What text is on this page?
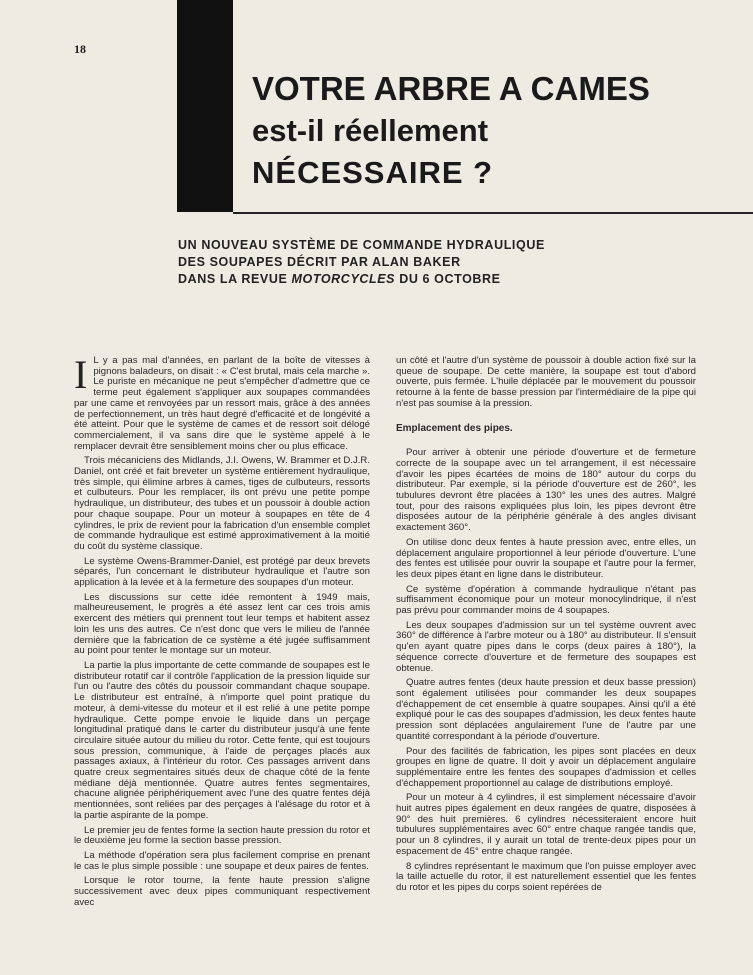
18
VOTRE ARBRE A CAMES
est-il réellement
NÉCESSAIRE ?
UN NOUVEAU SYSTÈME DE COMMANDE HYDRAULIQUE
DES SOUPAPES DÉCRIT PAR ALAN BAKER
DANS LA REVUE MOTORCYCLES DU 6 OCTOBRE

I L y a pas mal d'années, en parlant de la boîte de vitesses à pignons baladeurs, on disait : « C'est brutal, mais cela marche ». Le puriste en mécanique ne peut s'empêcher d'admettre que ce terme peut également s'appliquer aux soupapes commandées par une came et renvoyées par un ressort mais, grâce à des années de perfectionnement, un très haut degré d'efficacité et de longévité a été atteint. Pour que le système de cames et de ressort soit délogé commercialement, il va sans dire que le système appelé à le remplacer devrait être sensiblement moins cher ou plus efficace.

Trois mécaniciens des Midlands, J.I. Owens, W. Brammer et D.J.R. Daniel, ont créé et fait breveter un système entièrement hydraulique, très simple, qui élimine arbres à cames, tiges de culbuteurs, ressorts et culbuteurs. Pour les remplacer, ils ont prévu une petite pompe hydraulique, un distributeur, des tubes et un poussoir à double action pour chaque soupape. Pour un moteur à soupapes en tête de 4 cylindres, le prix de revient pour la fabrication d'un ensemble complet de commande hydraulique est estimé approximativement à la moitié du coût du système classique.

Le système Owens-Brammer-Daniel, est protégé par deux brevets séparés, l'un concernant le distributeur hydraulique et l'autre son application à la levée et à la fermeture des soupapes d'un moteur.

Les discussions sur cette idée remontent à 1949 mais, malheureusement, le progrès a été assez lent car ces trois amis exercent des métiers qui prennent tout leur temps et habitent assez loin les uns des autres. Ce n'est donc que vers le milieu de l'année dernière que la fabrication de ce système a été jugée suffisamment au point pour tenter le montage sur un moteur.

La partie la plus importante de cette commande de soupapes est le distributeur rotatif car il contrôle l'application de la pression liquide sur l'un ou l'autre des côtés du poussoir commandant chaque soupape. Le distributeur est entraîné, à n'importe quel point pratique du moteur, à demi-vitesse du moteur et il est relié à une petite pompe hydraulique. Cette pompe envoie le liquide dans un perçage longitudinal pratiqué dans le carter du distributeur jusqu'à une fente circulaire située autour du milieu du rotor. Cette fente, qui est toujours sous pression, communique, à l'aide de perçages placés aux passages axiaux, à l'intérieur du rotor. Ces passages arrivent dans quatre creux segmentaires situés deux de chaque côté de la fente médiane déjà mentionnée. Quatre autres fentes segmentaires, chacune alignée périphériquement avec l'une des quatre fentes déjà mentionnées, sont reliées par des perçages à l'alésage du rotor et à la partie aspirante de la pompe.

Le premier jeu de fentes forme la section haute pression du rotor et le deuxième jeu forme la section basse pression.

La méthode d'opération sera plus facilement comprise en prenant le cas le plus simple possible : une soupape et deux paires de fentes.

Lorsque le rotor tourne, la fente haute pression s'aligne successivement avec deux pipes communiquant respectivement avec

un côté et l'autre d'un système de poussoir à double action fixé sur la queue de soupape. De cette manière, la soupape est tout d'abord ouverte, puis fermée. L'huile déplacée par le mouvement du poussoir retourne à la fente de basse pression par l'intermédiaire de la pipe qui n'est pas soumise à la pression.

Emplacement des pipes.

Pour arriver à obtenir une période d'ouverture et de fermeture correcte de la soupape avec un tel arrangement, il est nécessaire d'avoir les pipes écartées de moins de 180° autour du corps du distributeur. Par exemple, si la période d'ouverture est de 260°, les tubulures devront être placées à 130° les unes des autres. Malgré tout, pour des raisons expliquées plus loin, les pipes devront être disposées autour de la périphérie générale à des angles divisant exactement 360°.

On utilise donc deux fentes à haute pression avec, entre elles, un déplacement angulaire proportionnel à leur période d'ouverture. L'une des fentes est utilisée pour ouvrir la soupape et l'autre pour la fermer, les deux pipes étant en ligne dans le distributeur.

Ce système d'opération à commande hydraulique n'étant pas suffisamment économique pour un moteur monocylindrique, il n'est pas prévu pour commander moins de 4 soupapes.

Les deux soupapes d'admission sur un tel système ouvrent avec 360° de différence à l'arbre moteur ou à 180° au distributeur. Il s'ensuit qu'en ayant quatre pipes dans le corps (deux paires à 180°), la séquence correcte d'ouverture et de fermeture des soupapes est obtenue.

Quatre autres fentes (deux haute pression et deux basse pression) sont également utilisées pour commander les deux soupapes d'échappement de cet ensemble à quatre soupapes. Ainsi qu'il a été expliqué pour le cas des soupapes d'admission, les deux fentes haute pression sont déplacées angulairement l'une de l'autre par une quantité correspondant à la période d'ouverture.

Pour des facilités de fabrication, les pipes sont placées en deux groupes en ligne de quatre. Il doit y avoir un déplacement angulaire supplémentaire entre les fentes des soupapes d'admission et celles d'échappement proportionnel au calage de distributions employé.

Pour un moteur à 4 cylindres, il est simplement nécessaire d'avoir huit autres pipes également en deux rangées de quatre, disposées à 90° des huit premières. 6 cylindres nécessiteraient encore huit tubulures supplémentaires avec 60° entre chaque rangée tandis que, pour un 8 cylindres, il y aurait un total de trente-deux pipes pour un espacement de 45° entre chaque rangée.

8 cylindres représentant le maximum que l'on puisse employer avec la taille actuelle du rotor, il est naturellement essentiel que les fentes du rotor et les pipes du corps soient repérées de
